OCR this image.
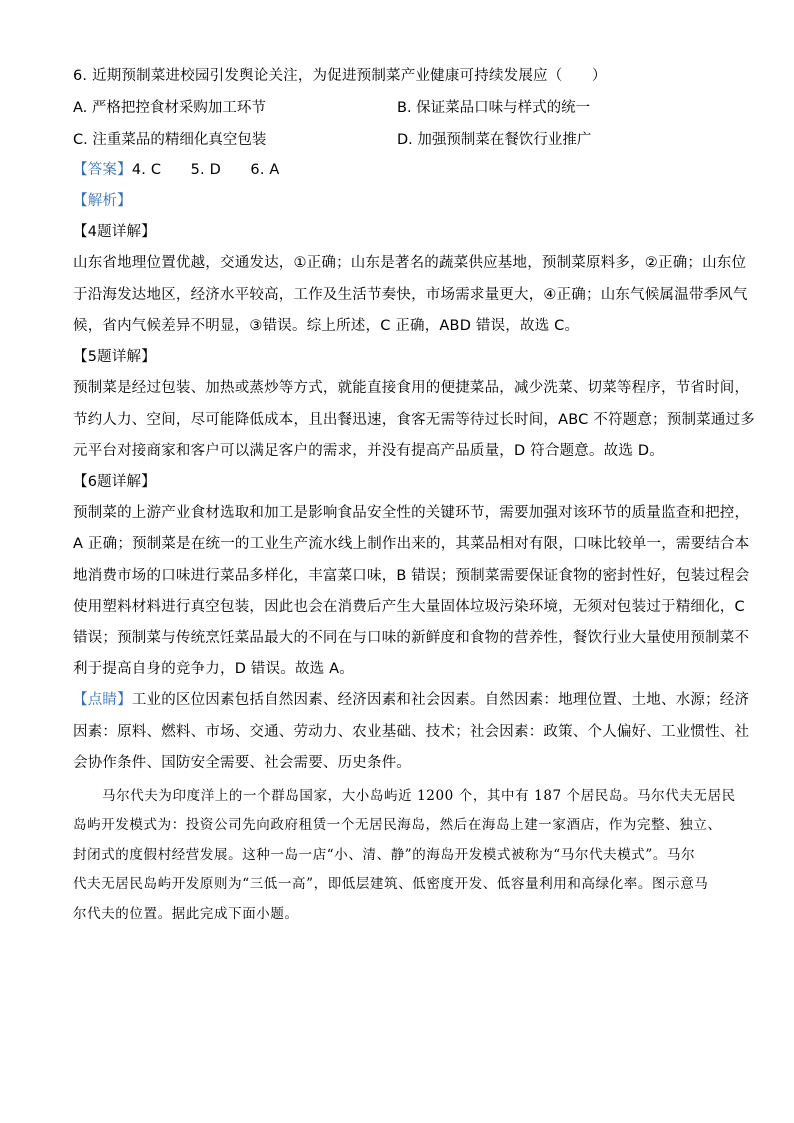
6. 近期预制菜进校园引发舆论关注，为促进预制菜产业健康可持续发展应（　　）
A. 严格把控食材采购加工环节	B. 保证菜品口味与样式的统一
C. 注重菜品的精细化真空包装	D. 加强预制菜在餐饮行业推广
【答案】4. C　　5. D　　6. A
【解析】
【4题详解】
山东省地理位置优越，交通发达，①正确；山东是著名的蔬菜供应基地，预制菜原料多，②正确；山东位
于沿海发达地区，经济水平较高，工作及生活节奏快，市场需求量更大，④正确；山东气候属温带季风气
候，省内气候差异不明显，③错误。综上所述，C 正确，ABD 错误，故选 C。
【5题详解】
预制菜是经过包装、加热或蒸炒等方式，就能直接食用的便捷菜品，减少洗菜、切菜等程序，节省时间，
节约人力、空间，尽可能降低成本，且出餐迅速，食客无需等待过长时间，ABC 不符题意；预制菜通过多
元平台对接商家和客户可以满足客户的需求，并没有提高产品质量，D 符合题意。故选 D。
【6题详解】
预制菜的上游产业食材选取和加工是影响食品安全性的关键环节，需要加强对该环节的质量监查和把控，
A 正确；预制菜是在统一的工业生产流水线上制作出来的，其菜品相对有限，口味比较单一，需要结合本
地消费市场的口味进行菜品多样化，丰富菜口味，B 错误；预制菜需要保证食物的密封性好，包装过程会
使用塑料材料进行真空包装，因此也会在消费后产生大量固体垃圾污染环境，无须对包装过于精细化，C
错误；预制菜与传统烹饪菜品最大的不同在与口味的新鲜度和食物的营养性，餐饮行业大量使用预制菜不
利于提高自身的竞争力，D 错误。故选 A。
【点睛】工业的区位因素包括自然因素、经济因素和社会因素。自然因素：地理位置、土地、水源；经济
因素：原料、燃料、市场、交通、劳动力、农业基础、技术；社会因素：政策、个人偏好、工业惯性、社
会协作条件、国防安全需要、社会需要、历史条件。
马尔代夫为印度洋上的一个群岛国家，大小岛屿近 1200 个，其中有 187 个居民岛。马尔代夫无居民
岛屿开发模式为：投资公司先向政府租赁一个无居民海岛，然后在海岛上建一家酒店，作为完整、独立、
封闭式的度假村经营发展。这种一岛一店“小、清、静”的海岛开发模式被称为“马尔代夫模式”。马尔
代夫无居民岛屿开发原则为“三低一高”，即低层建筑、低密度开发、低容量利用和高绿化率。图示意马
尔代夫的位置。据此完成下面小题。
